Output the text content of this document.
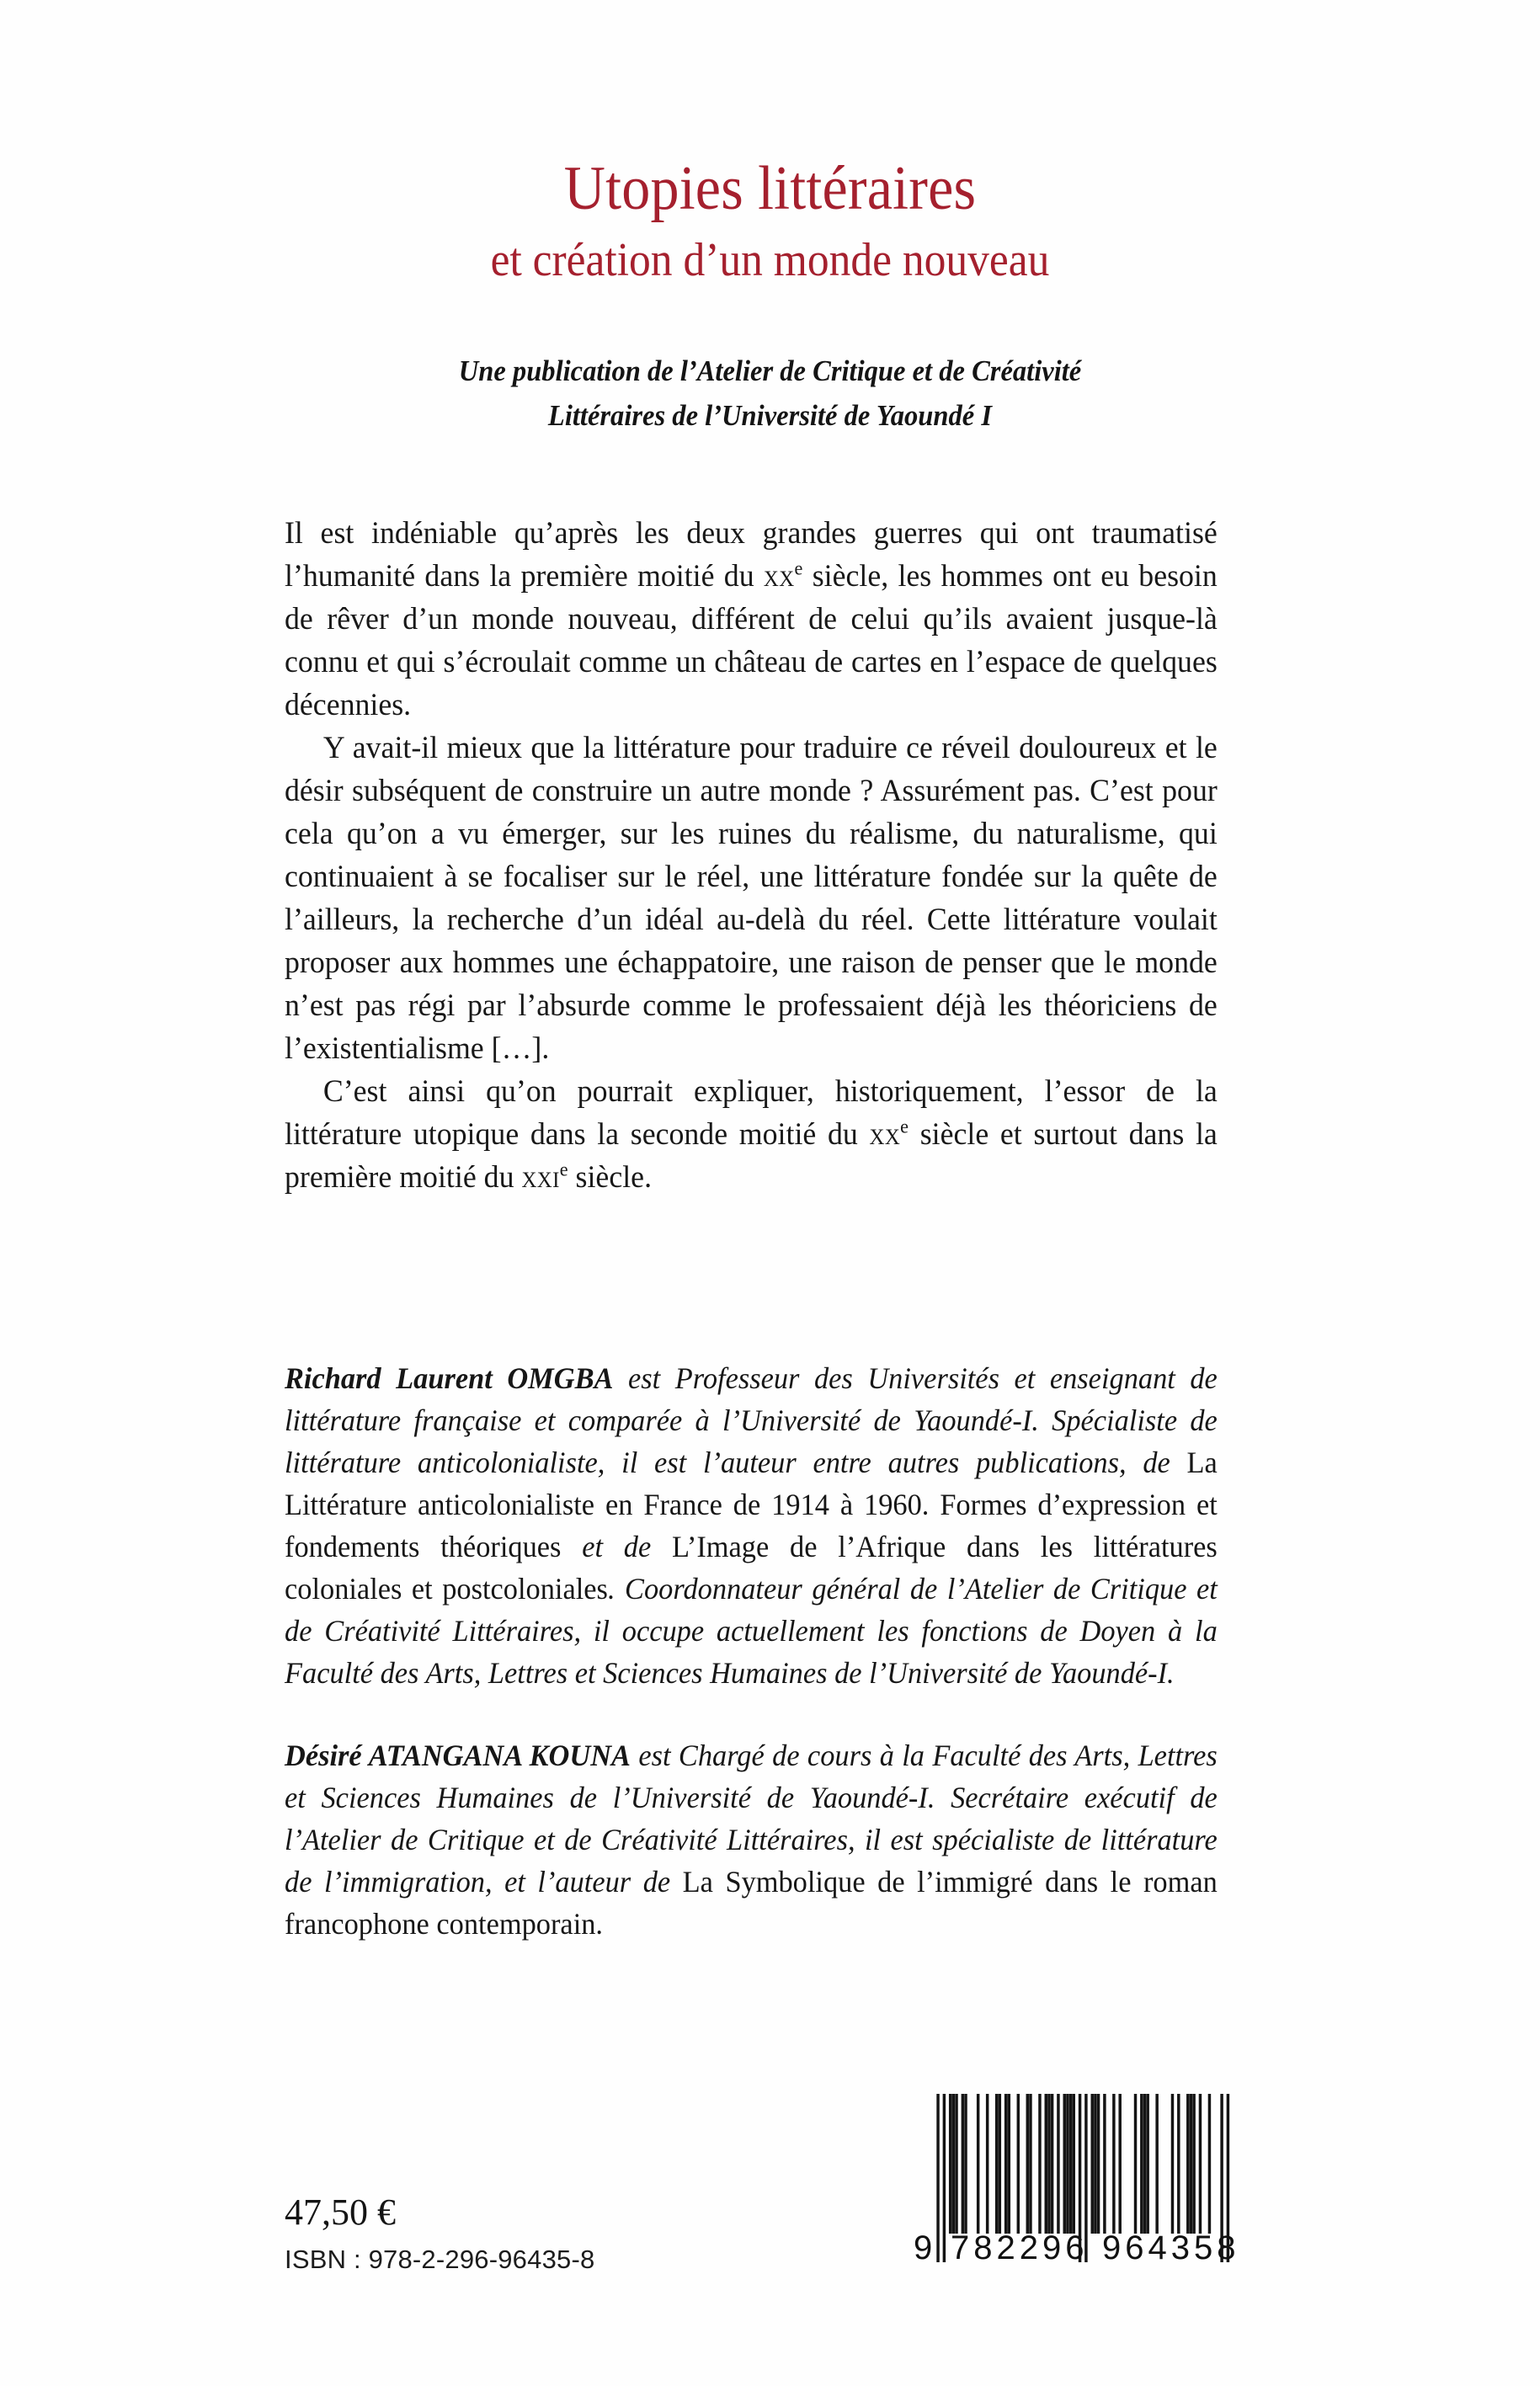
Utopies littéraires
et création d’un monde nouveau
Une publication de l’Atelier de Critique et de Créativité
Littéraires de l’Université de Yaoundé I

Il est indéniable qu’après les deux grandes guerres qui ont traumatisé l’humanité dans la première moitié du $xx^e$ siècle, les hommes ont eu besoin de rêver d’un monde nouveau, différent de celui qu’ils avaient jusque-là connu et qui s’écroulait comme un château de cartes en l’espace de quelques décennies.

Y avait-il mieux que la littérature pour traduire ce réveil douloureux et le désir subséquent de construire un autre monde ? Assurément pas. C’est pour cela qu’on a vu émerger, sur les ruines du réalisme, du naturalisme, qui continuaient à se focaliser sur le réel, une littérature fondée sur la quête de l’ailleurs, la recherche d’un idéal au-delà du réel. Cette littérature voulait proposer aux hommes une échappatoire, une raison de penser que le monde n’est pas régi par l’absurde comme le professaient déjà les théoriciens de l’existentialisme […].

C’est ainsi qu’on pourrait expliquer, historiquement, l’essor de la littérature utopique dans la seconde moitié du $xx^e$ siècle et surtout dans la première moitié du xxi$^e$ siècle.

Richard Laurent OMGBA est Professeur des Universités et enseignant de littérature française et comparée à l’Université de Yaoundé-I. Spécialiste de littérature anticolonialiste, il est l’auteur entre autres publications, de La Littérature anticolonialiste en France de 1914 à 1960. Formes d’expression et fondements théoriques et de L’Image de l’Afrique dans les littératures coloniales et postcoloniales. Coordonnateur général de l’Atelier de Critique et de Créativité Littéraires, il occupe actuellement les fonctions de Doyen à la Faculté des Arts, Lettres et Sciences Humaines de l’Université de Yaoundé-I.

Désiré ATANGANA KOUNA est Chargé de cours à la Faculté des Arts, Lettres et Sciences Humaines de l’Université de Yaoundé-I. Secrétaire exécutif de l’Atelier de Critique et de Créativité Littéraires, il est spécialiste de littérature de l’immigration, et l’auteur de La Symbolique de l’immigré dans le roman francophone contemporain.

47,50 €
ISBN : 978-2-296-96435-8	9 782296 964358
